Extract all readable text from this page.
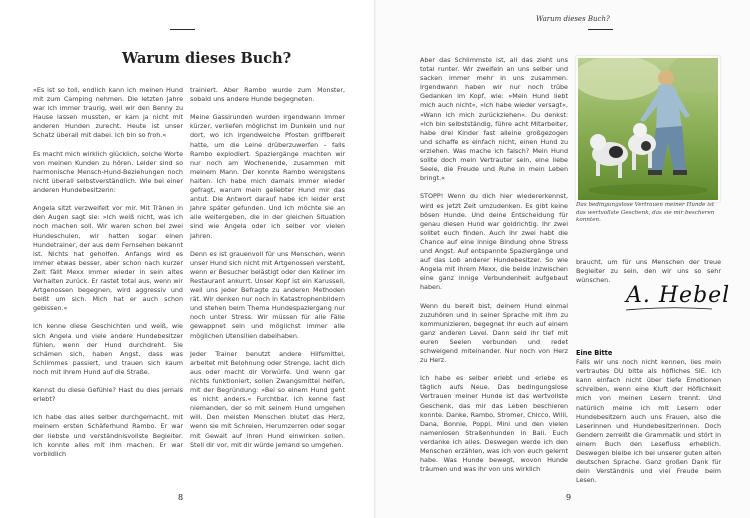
Warum dieses Buch?

»Es ist so toll, endlich kann ich meinen Hund mit zum Camping nehmen. Die letzten Jahre war ich immer traurig, weil wir den Benny zu Hause lassen mussten, er kam ja nicht mit anderen Hunden zurecht. Heute ist unser Schatz überall mit dabei. Ich bin so froh.«

Es macht mich wirklich glücklich, solche Worte von meinen Kunden zu hören. Leider sind so harmonische Mensch-Hund-Beziehungen noch nicht überall selbstverständlich. Wie bei einer anderen Hundebesitzerin:

Angela sitzt verzweifelt vor mir. Mit Tränen in den Augen sagt sie: »Ich weiß nicht, was ich noch machen soll. Wir waren schon bei zwei Hundeschulen, wir hatten sogar einen Hundetrainer, der aus dem Fernsehen bekannt ist. Nichts hat geholfen. Anfangs wird es immer etwas besser, aber schon nach kurzer Zeit fällt Mexx immer wieder in sein altes Verhalten zurück. Er rastet total aus, wenn wir Artgenossen begegnen, wird aggressiv und beißt um sich. Mich hat er auch schon gebissen.«

Ich kenne diese Geschichten und weiß, wie sich Angela und viele andere Hundebesitzer fühlen, wenn der Hund durchdreht. Sie schämen sich, haben Angst, dass was Schlimmes passiert, und trauen sich kaum noch mit ihrem Hund auf die Straße.

Kennst du diese Gefühle? Hast du dies jemals erlebt?

Ich habe das alles selber durchgemacht, mit meinem ersten Schäferhund Rambo. Er war der liebste und verständnisvollste Begleiter. Ich konnte alles mit ihm machen. Er war vorbildlich

trainiert. Aber Rambo wurde zum Monster, sobald uns andere Hunde begegneten.

Meine Gassirunden wurden irgendwann immer kürzer, verliefen möglichst im Dunkeln und nur dort, wo ich irgendwelche Pfosten griffbereit hatte, um die Leine drüberzuwerfen – falls Rambo explodiert. Spaziergänge machten wir nur noch am Wochenende, zusammen mit meinem Mann. Der konnte Rambo wenigstens halten. Ich habe mich damals immer wieder gefragt, warum mein geliebter Hund mir das antut. Die Antwort darauf habe ich leider erst Jahre später gefunden. Und ich möchte sie an alle weitergeben, die in der gleichen Situation sind wie Angela oder ich selber vor vielen Jahren.

Denn es ist grauenvoll für uns Menschen, wenn unser Hund sich nicht mit Artgenossen versteht, wenn er Besucher belästigt oder den Kellner im Restaurant ankurrt. Unser Kopf ist ein Karussell, weil uns jeder Befragte zu anderen Methoden rät. Wir denken nur noch in Katastrophenbildern und stehen beim Thema Hundespaziergang nur noch unter Stress. Wir müssen für alle Fälle gewappnet sein und möglichst immer alle möglichen Utensilien dabeihaben.

Jeder Trainer benutzt andere Hilfsmittel, arbeitet mit Belohnung oder Strenge, lacht dich aus oder macht dir Vorwürfe. Und wenn gar nichts funktioniert, sollen Zwangsmittel helfen, mit der Begründung: »Bei so einem Hund geht es nicht anders.« Furchtbar. Ich kenne fast niemanden, der so mit seinem Hund umgehen will. Den meisten Menschen blutet das Herz, wenn sie mit Schreien, Herumzerren oder sogar mit Gewalt auf ihren Hund einwirken sollen. Stell dir vor, mit dir würde jemand so umgehen.

8
Warum dieses Buch?

Aber das Schlimmste ist, all das zieht uns total runter. Wir zweifeln an uns selber und sacken immer mehr in uns zusammen. Irgendwann haben wir nur noch trübe Gedanken im Kopf, wie: »Mein Hund liebt mich auch nicht«, »Ich habe wieder versagt«, »Wann ich mich zurückziehen«. Du denkst: »Ich bin selbstständig, führe acht Mitarbeiter, habe drei Kinder fast alleine großgezogen und schaffe es einfach nicht, einen Hund zu erziehen. Was mache ich falsch? Mein Hund sollte doch mein Vertrauter sein, eine liebe Seele, die Freude und Ruhe in mein Leben bringt.«

STOPP! Wenn du dich hier wiedererkennst, wird es jetzt Zeit umzudenken. Es gibt keine bösen Hunde. Und deine Entscheidung für genau diesen Hund war goldrichtig. Ihr zwei solltet euch finden. Auch ihr zwei habt die Chance auf eine innige Bindung ohne Stress und Angst. Auf entspannte Spaziergänge und auf das Lob anderer Hundebesitzer. So wie Angela mit ihrem Mexx, die beide inzwischen eine ganz innige Verbundenheit aufgebaut haben.

Wenn du bereit bist, deinem Hund einmal zuzuhören und in seiner Sprache mit ihm zu kommunizieren, begegnet ihr euch auf einem ganz anderen Level. Dann seid ihr tief mit euren Seelen verbunden und redet schweigend miteinander. Nur noch von Herz zu Herz.

Ich habe es selber erlebt und erlebe es täglich aufs Neue. Das bedingungslose Vertrauen meiner Hunde ist das wertvollste Geschenk, das mir das Leben beschieren konnte. Danke, Rambo, Stromer, Chicco, Willi, Dana, Bonnie, Poppi, Mini und den vielen namenlosen Straßenhunden in Bali. Euch verdanke ich alles. Deswegen werde ich den Menschen erzählen, was ich von euch gelernt habe. Was Hunde bewegt, wovon Hunde träumen und was ihr von uns wirklich

Das bedingungslose Vertrauen meiner Hunde ist das wertvollste Geschenk, das sie mir bescheren konnten.

braucht, um für uns Menschen der treue Begleiter zu sein, den wir uns so sehr wünschen.

A. Hebel
Eine Bitte

Falls wir uns noch nicht kennen, lies mein vertrautes DU bitte als höfliches SIE. Ich kann einfach nicht über tiefe Emotionen schreiben, wenn eine Kluft der Höflichkeit mich von meinen Lesern trennt. Und natürlich meine ich mit Lesern oder Hundebesitzern auch uns Frauen, also die Leserinnen und Hundebesitzerinnen. Doch Gendern zerreißt die Grammatik und stört in einem Buch den Lesefluss erheblich. Deswegen bleibe ich bei unserer guten alten deutschen Sprache. Ganz großen Dank für dein Verständnis und viel Freude beim Lesen.

9
